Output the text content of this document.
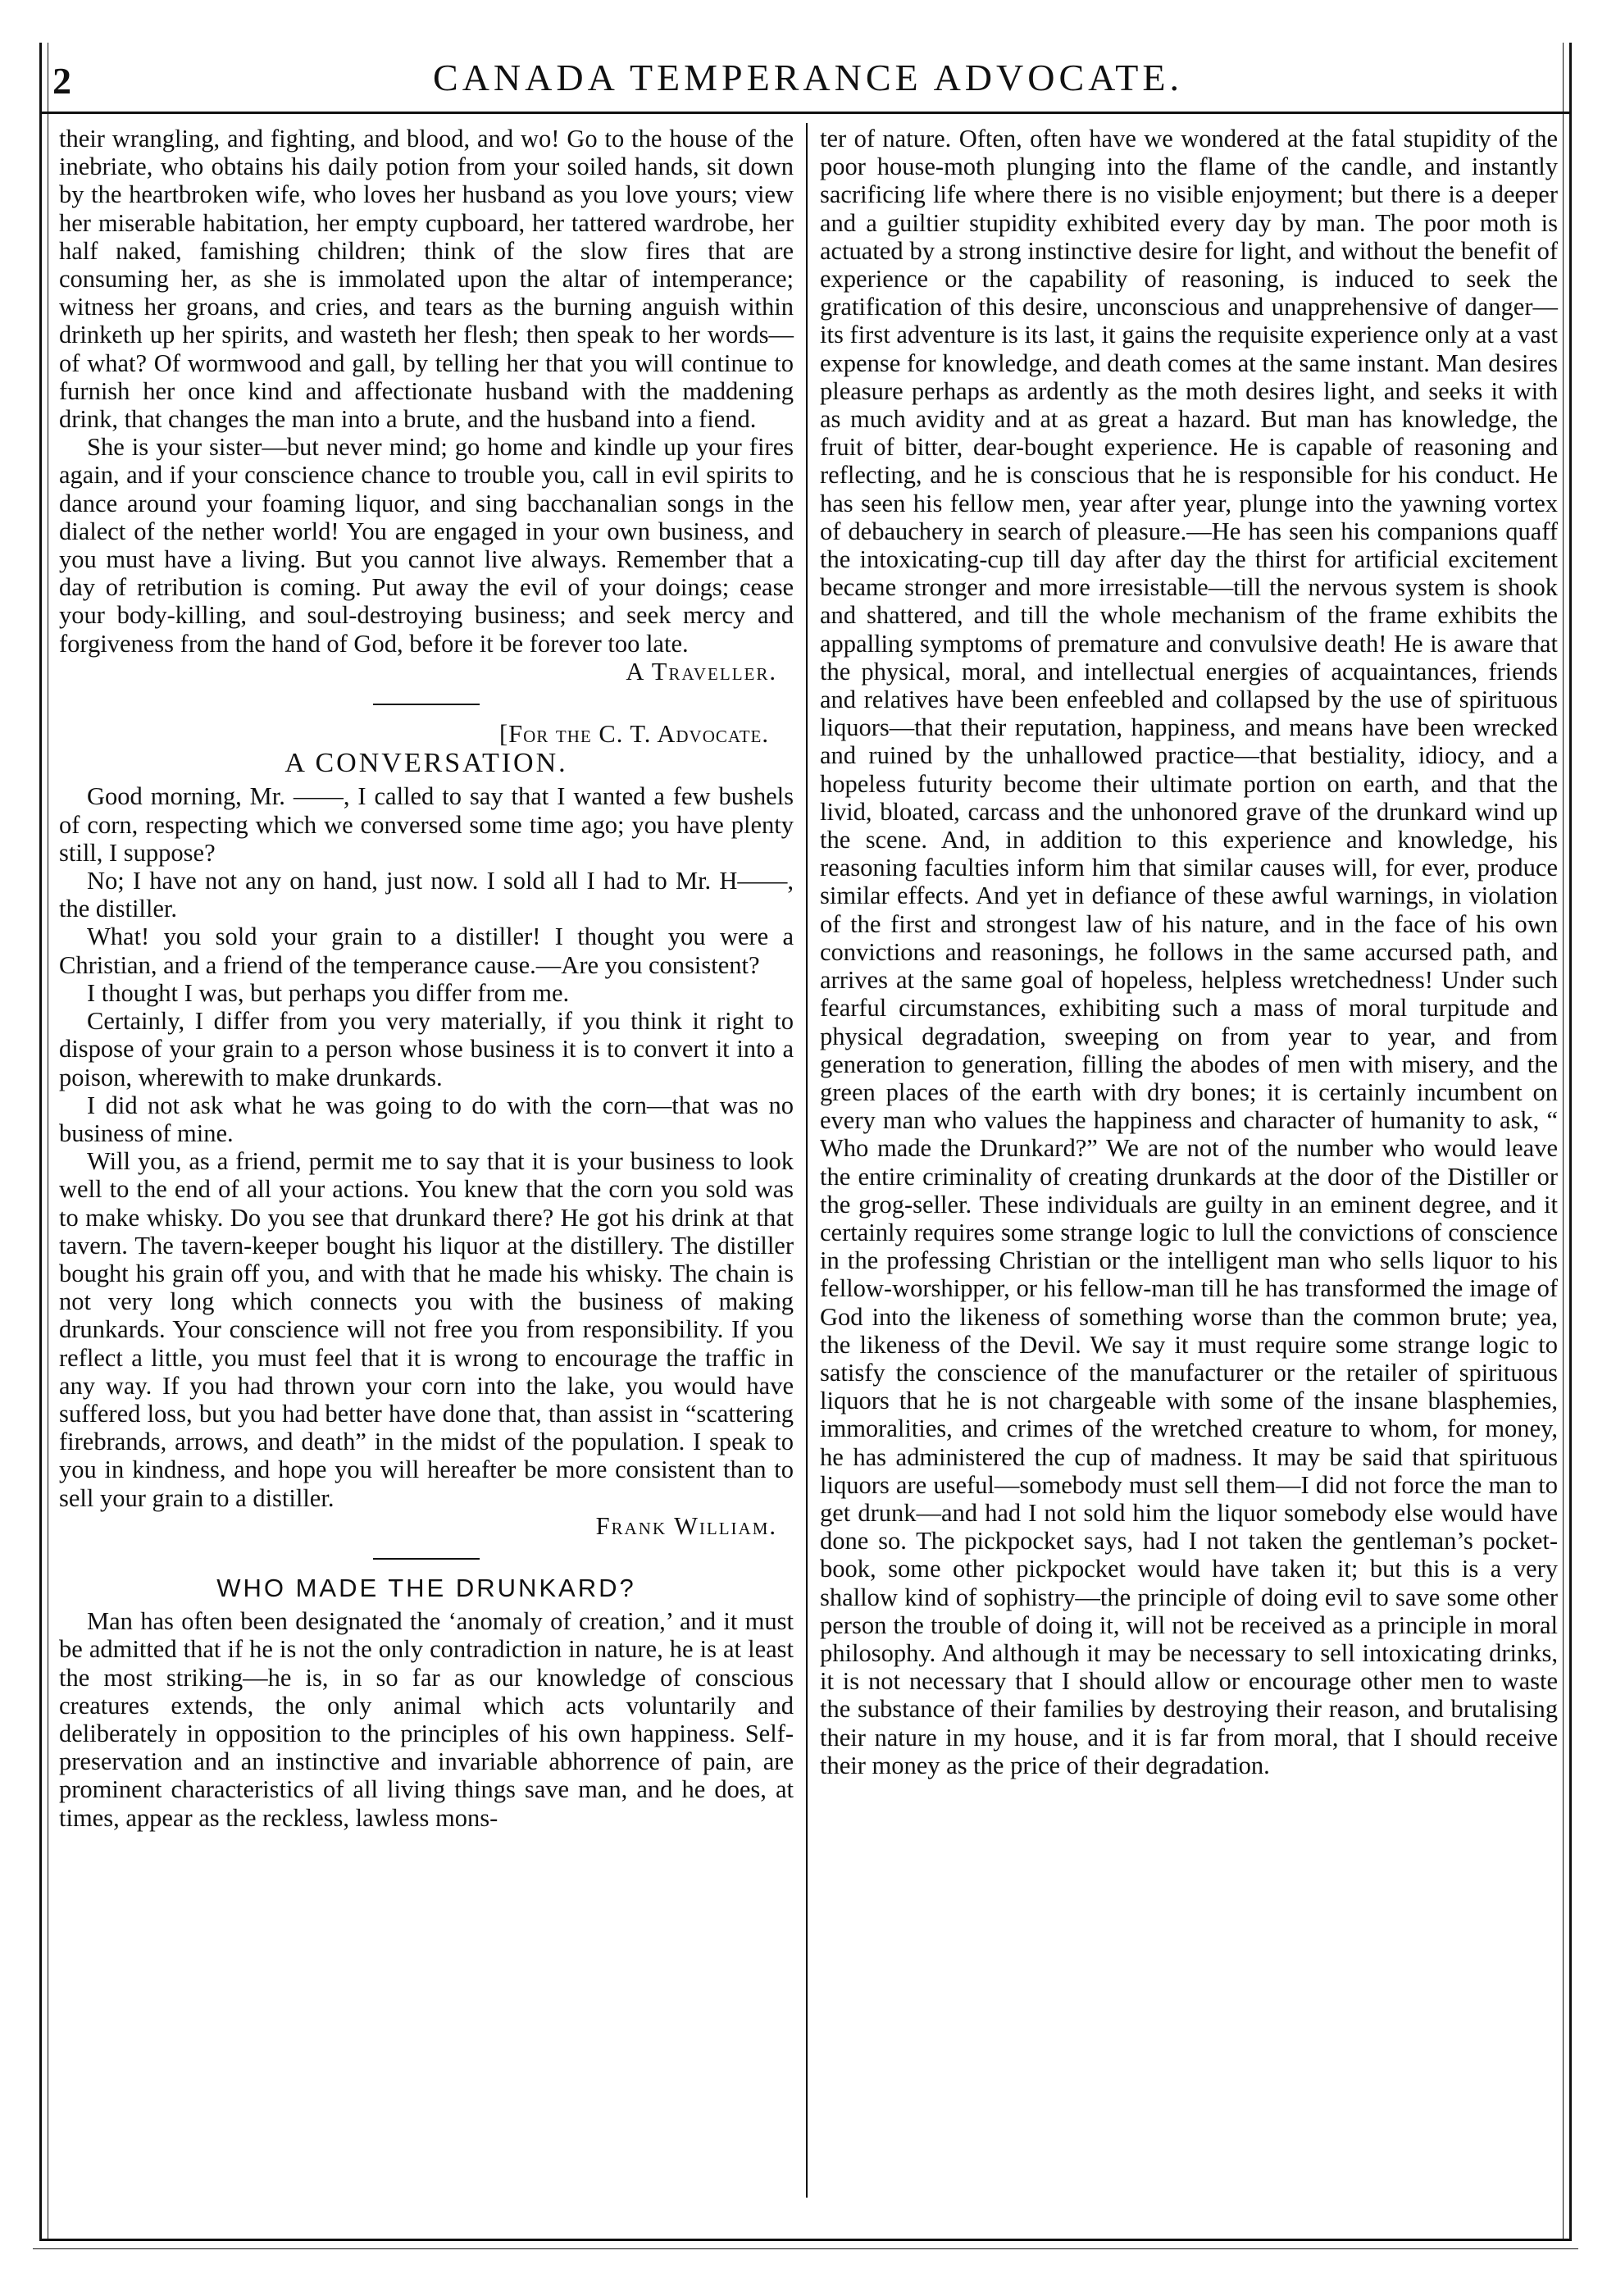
2	CANADA TEMPERANCE ADVOCATE.

their wrangling, and fighting, and blood, and wo! Go to the house of the inebriate, who obtains his daily potion from your soiled hands, sit down by the heartbroken wife, who loves her husband as you love yours; view her miserable habitation, her empty cupboard, her tattered wardrobe, her half naked, famishing children; think of the slow fires that are consuming her, as she is immolated upon the altar of intemperance; witness her groans, and cries, and tears as the burning anguish within drinketh up her spirits, and wasteth her flesh; then speak to her words—of what? Of wormwood and gall, by telling her that you will continue to furnish her once kind and affectionate husband with the maddening drink, that changes the man into a brute, and the husband into a fiend.

She is your sister—but never mind; go home and kindle up your fires again, and if your conscience chance to trouble you, call in evil spirits to dance around your foaming liquor, and sing bacchanalian songs in the dialect of the nether world! You are engaged in your own business, and you must have a living. But you cannot live always. Remember that a day of retribution is coming. Put away the evil of your doings; cease your body-killing, and soul-destroying business; and seek mercy and forgiveness from the hand of God, before it be forever too late.

A Traveller.

[For the C. T. Advocate.

A CONVERSATION.

Good morning, Mr. ——, I called to say that I wanted a few bushels of corn, respecting which we conversed some time ago; you have plenty still, I suppose?

No; I have not any on hand, just now. I sold all I had to Mr. H——, the distiller.

What! you sold your grain to a distiller! I thought you were a Christian, and a friend of the temperance cause.—Are you consistent?

I thought I was, but perhaps you differ from me.

Certainly, I differ from you very materially, if you think it right to dispose of your grain to a person whose business it is to convert it into a poison, wherewith to make drunkards.

I did not ask what he was going to do with the corn—that was no business of mine.

Will you, as a friend, permit me to say that it is your business to look well to the end of all your actions. You knew that the corn you sold was to make whisky. Do you see that drunkard there? He got his drink at that tavern. The tavern-keeper bought his liquor at the distillery. The distiller bought his grain off you, and with that he made his whisky. The chain is not very long which connects you with the business of making drunkards. Your conscience will not free you from responsibility. If you reflect a little, you must feel that it is wrong to encourage the traffic in any way. If you had thrown your corn into the lake, you would have suffered loss, but you had better have done that, than assist in “scattering firebrands, arrows, and death” in the midst of the population. I speak to you in kindness, and hope you will hereafter be more consistent than to sell your grain to a distiller.

Frank William.

WHO MADE THE DRUNKARD?

Man has often been designated the ‘anomaly of creation,’ and it must be admitted that if he is not the only contradiction in nature, he is at least the most striking—he is, in so far as our knowledge of conscious creatures extends, the only animal which acts voluntarily and deliberately in opposition to the principles of his own happiness. Self-preservation and an instinctive and invariable abhorrence of pain, are prominent characteristics of all living things save man, and he does, at times, appear as the reckless, lawless mons-

ter of nature. Often, often have we wondered at the fatal stupidity of the poor house-moth plunging into the flame of the candle, and instantly sacrificing life where there is no visible enjoyment; but there is a deeper and a guiltier stupidity exhibited every day by man. The poor moth is actuated by a strong instinctive desire for light, and without the benefit of experience or the capability of reasoning, is induced to seek the gratification of this desire, unconscious and unapprehensive of danger—its first adventure is its last, it gains the requisite experience only at a vast expense for knowledge, and death comes at the same instant. Man desires pleasure perhaps as ardently as the moth desires light, and seeks it with as much avidity and at as great a hazard. But man has knowledge, the fruit of bitter, dear-bought experience. He is capable of reasoning and reflecting, and he is conscious that he is responsible for his conduct. He has seen his fellow men, year after year, plunge into the yawning vortex of debauchery in search of pleasure.—He has seen his companions quaff the intoxicating-cup till day after day the thirst for artificial excitement became stronger and more irresistable—till the nervous system is shook and shattered, and till the whole mechanism of the frame exhibits the appalling symptoms of premature and convulsive death! He is aware that the physical, moral, and intellectual energies of acquaintances, friends and relatives have been enfeebled and collapsed by the use of spirituous liquors—that their reputation, happiness, and means have been wrecked and ruined by the unhallowed practice—that bestiality, idiocy, and a hopeless futurity become their ultimate portion on earth, and that the livid, bloated, carcass and the unhonored grave of the drunkard wind up the scene. And, in addition to this experience and knowledge, his reasoning faculties inform him that similar causes will, for ever, produce similar effects. And yet in defiance of these awful warnings, in violation of the first and strongest law of his nature, and in the face of his own convictions and reasonings, he follows in the same accursed path, and arrives at the same goal of hopeless, helpless wretchedness! Under such fearful circumstances, exhibiting such a mass of moral turpitude and physical degradation, sweeping on from year to year, and from generation to generation, filling the abodes of men with misery, and the green places of the earth with dry bones; it is certainly incumbent on every man who values the happiness and character of humanity to ask, “ Who made the Drunkard?” We are not of the number who would leave the entire criminality of creating drunkards at the door of the Distiller or the grog-seller. These individuals are guilty in an eminent degree, and it certainly requires some strange logic to lull the convictions of conscience in the professing Christian or the intelligent man who sells liquor to his fellow-worshipper, or his fellow-man till he has transformed the image of God into the likeness of something worse than the common brute; yea, the likeness of the Devil. We say it must require some strange logic to satisfy the conscience of the manufacturer or the retailer of spirituous liquors that he is not chargeable with some of the insane blasphemies, immoralities, and crimes of the wretched creature to whom, for money, he has administered the cup of madness. It may be said that spirituous liquors are useful—somebody must sell them—I did not force the man to get drunk—and had I not sold him the liquor somebody else would have done so. The pickpocket says, had I not taken the gentleman’s pocket-book, some other pickpocket would have taken it; but this is a very shallow kind of sophistry—the principle of doing evil to save some other person the trouble of doing it, will not be received as a principle in moral philosophy. And although it may be necessary to sell intoxicating drinks, it is not necessary that I should allow or encourage other men to waste the substance of their families by destroying their reason, and brutalising their nature in my house, and it is far from moral, that I should receive their money as the price of their degradation.
